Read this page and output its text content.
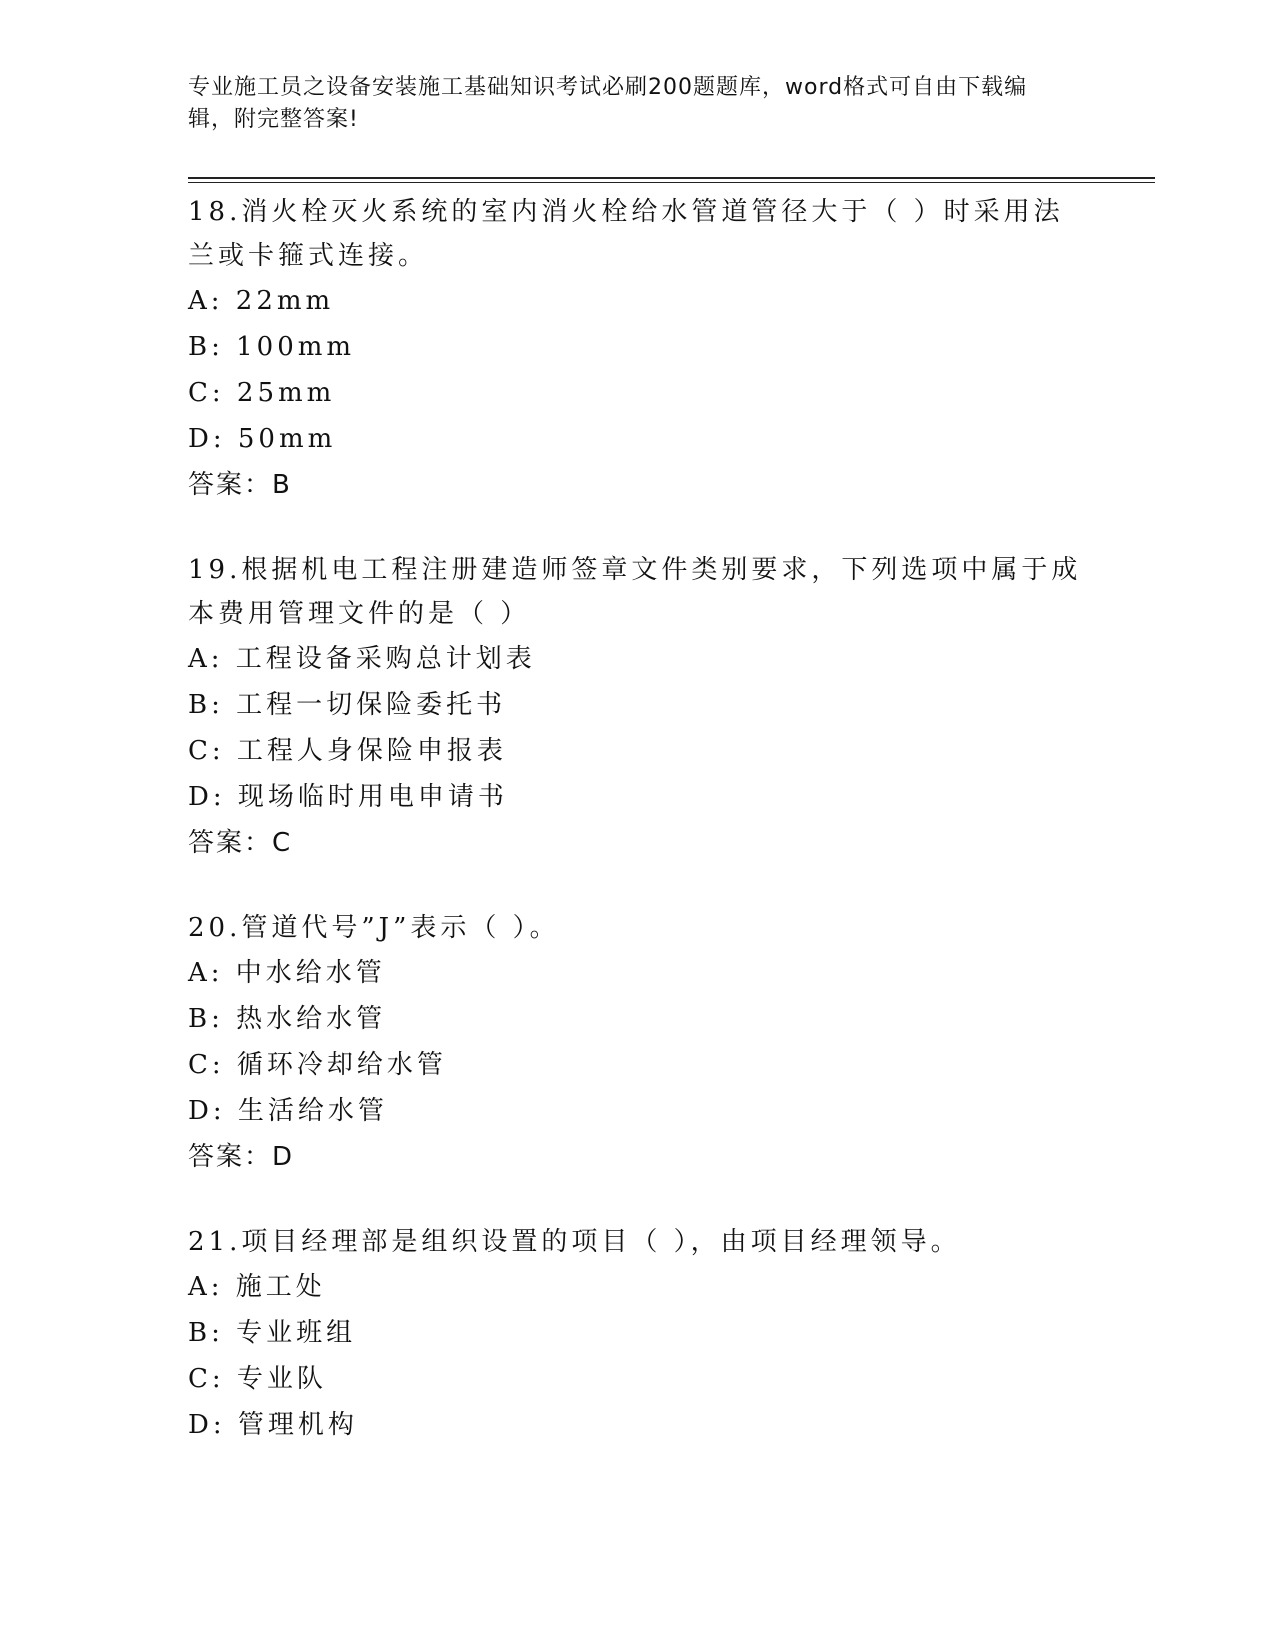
专业施工员之设备安装施工基础知识考试必刷200题题库，word格式可自由下载编辑，附完整答案!

18.消火栓灭火系统的室内消火栓给水管道管径大于（ ）时采用法兰或卡箍式连接。

A: 22mm

B: 100mm

C: 25mm

D: 50mm

答案：B

19.根据机电工程注册建造师签章文件类别要求，下列选项中属于成本费用管理文件的是（ ）

A: 工程设备采购总计划表

B: 工程一切保险委托书

C: 工程人身保险申报表

D: 现场临时用电申请书

答案：C

20.管道代号”J”表示（ ）。

A: 中水给水管

B: 热水给水管

C: 循环冷却给水管

D: 生活给水管

答案：D

21.项目经理部是组织设置的项目（ ），由项目经理领导。

A: 施工处

B: 专业班组

C: 专业队

D: 管理机构
